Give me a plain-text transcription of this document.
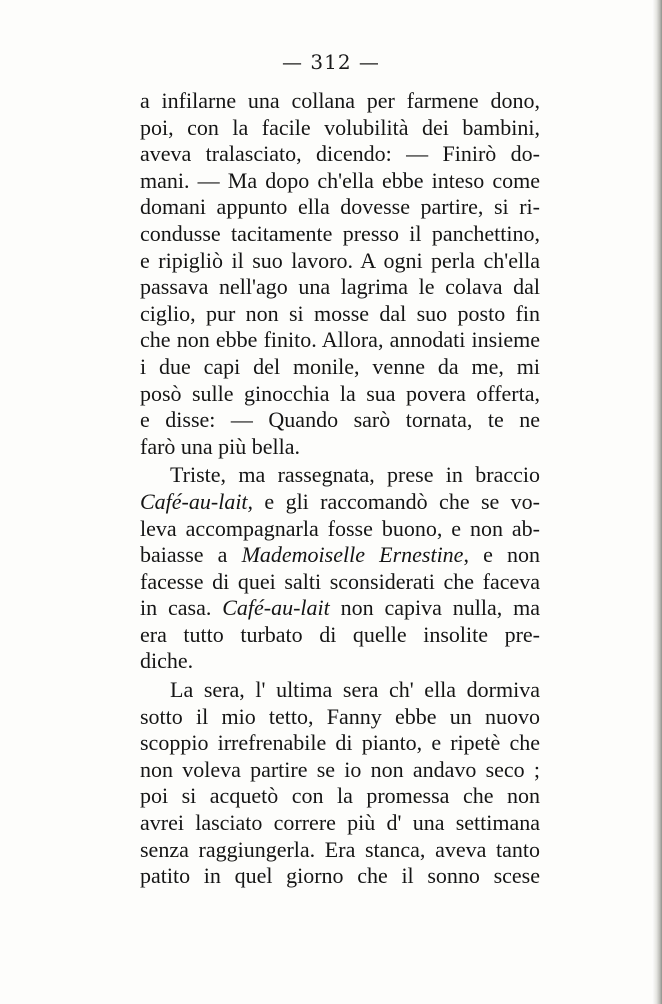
— 312 —
a infilarne una collana per farmene dono,
poi, con la facile volubilità dei bambini,
aveva tralasciato, dicendo: — Finirò do-
mani. — Ma dopo ch'ella ebbe inteso come
domani appunto ella dovesse partire, si ri-
condusse tacitamente presso il panchettino,
e ripigliò il suo lavoro. A ogni perla ch'ella
passava nell'ago una lagrima le colava dal
ciglio, pur non si mosse dal suo posto fin
che non ebbe finito. Allora, annodati insieme
i due capi del monile, venne da me, mi
posò sulle ginocchia la sua povera offerta,
e disse: — Quando sarò tornata, te ne
farò una più bella.
Triste, ma rassegnata, prese in braccio
Café-au-lait, e gli raccomandò che se vo-
leva accompagnarla fosse buono, e non ab-
baiasse a Mademoiselle Ernestine, e non
facesse di quei salti sconsiderati che faceva
in casa. Café-au-lait non capiva nulla, ma
era tutto turbato di quelle insolite pre-
diche.
La sera, l' ultima sera ch' ella dormiva
sotto il mio tetto, Fanny ebbe un nuovo
scoppio irrefrenabile di pianto, e ripetè che
non voleva partire se io non andavo seco ;
poi si acquetò con la promessa che non
avrei lasciato correre più d' una settimana
senza raggiungerla. Era stanca, aveva tanto
patito in quel giorno che il sonno scese
